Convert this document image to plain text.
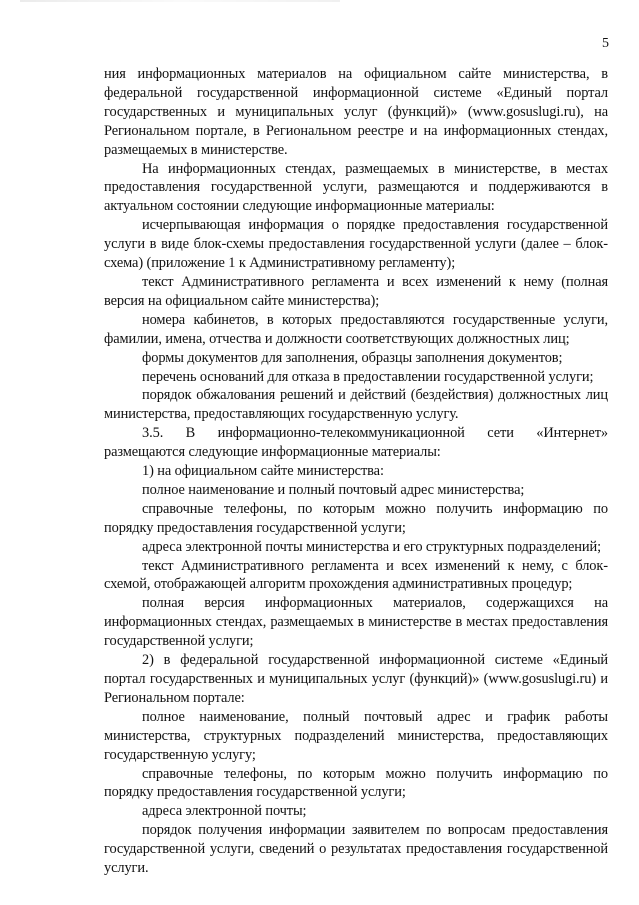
5

ния информационных материалов на официальном сайте министерства, в федеральной государственной информационной системе «Единый портал государственных и муниципальных услуг (функций)» (www.gosuslugi.ru), на Региональном портале, в Региональном реестре и на информационных стендах, размещаемых в министерстве.

На информационных стендах, размещаемых в министерстве, в местах предоставления государственной услуги, размещаются и поддерживаются в актуальном состоянии следующие информационные материалы:

исчерпывающая информация о порядке предоставления государственной услуги в виде блок-схемы предоставления государственной услуги (далее – блок-схема) (приложение 1 к Административному регламенту);

текст Административного регламента и всех изменений к нему (полная версия на официальном сайте министерства);

номера кабинетов, в которых предоставляются государственные услуги, фамилии, имена, отчества и должности соответствующих должностных лиц;

формы документов для заполнения, образцы заполнения документов;

перечень оснований для отказа в предоставлении государственной услуги;

порядок обжалования решений и действий (бездействия) должностных лиц министерства, предоставляющих государственную услугу.

3.5. В информационно-телекоммуникационной сети «Интернет» размещаются следующие информационные материалы:

1) на официальном сайте министерства:

полное наименование и полный почтовый адрес министерства;

справочные телефоны, по которым можно получить информацию по порядку предоставления государственной услуги;

адреса электронной почты министерства и его структурных подразделений;

текст Административного регламента и всех изменений к нему, с блок-схемой, отображающей алгоритм прохождения административных процедур;

полная версия информационных материалов, содержащихся на информационных стендах, размещаемых в министерстве в местах предоставления государственной услуги;

2) в федеральной государственной информационной системе «Единый портал государственных и муниципальных услуг (функций)» (www.gosuslugi.ru) и Региональном портале:

полное наименование, полный почтовый адрес и график работы министерства, структурных подразделений министерства, предоставляющих государственную услугу;

справочные телефоны, по которым можно получить информацию по порядку предоставления государственной услуги;

адреса электронной почты;

порядок получения информации заявителем по вопросам предоставления государственной услуги, сведений о результатах предоставления государственной услуги.
